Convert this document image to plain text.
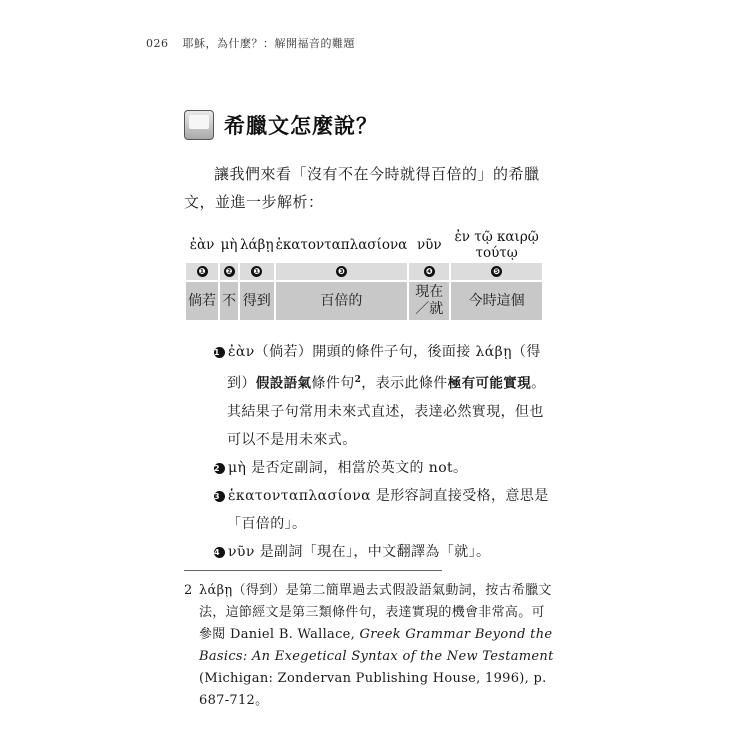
026 耶穌，為什麼？：解開福音的難題
希臘文怎麼說？

讓我們來看「沒有不在今時就得百倍的」的希臘文，並進一步解析：

ἐὰν	μὴ	λάβῃ	ἑκατονταπλασίονα	νῦν	ἐν τῷ καιρῷ τούτῳ
❶	❷	❶	❸	❹	❺
倘若	不	得到	百倍的	現在／就	今時這個

1 ἐὰν（倘若）開頭的條件子句，後面接 λάβῃ（得到）假設語氣條件句$^2$，表示此條件極有可能實現。其結果子句常用未來式直述，表達必然實現，但也可以不是用未來式。

2 μὴ 是否定副詞，相當於英文的 not。

3 ἑκατονταπλασίονα 是形容詞直接受格，意思是「百倍的」。

4 νῦν 是副詞「現在」，中文翻譯為「就」。

2 λάβῃ（得到）是第二簡單過去式假設語氣動詞，按古希臘文法，這節經文是第三類條件句，表達實現的機會非常高。可參閱 Daniel B. Wallace, Greek Grammar Beyond the Basics: An Exegetical Syntax of the New Testament (Michigan: Zondervan Publishing House, 1996), p. 687-712。
